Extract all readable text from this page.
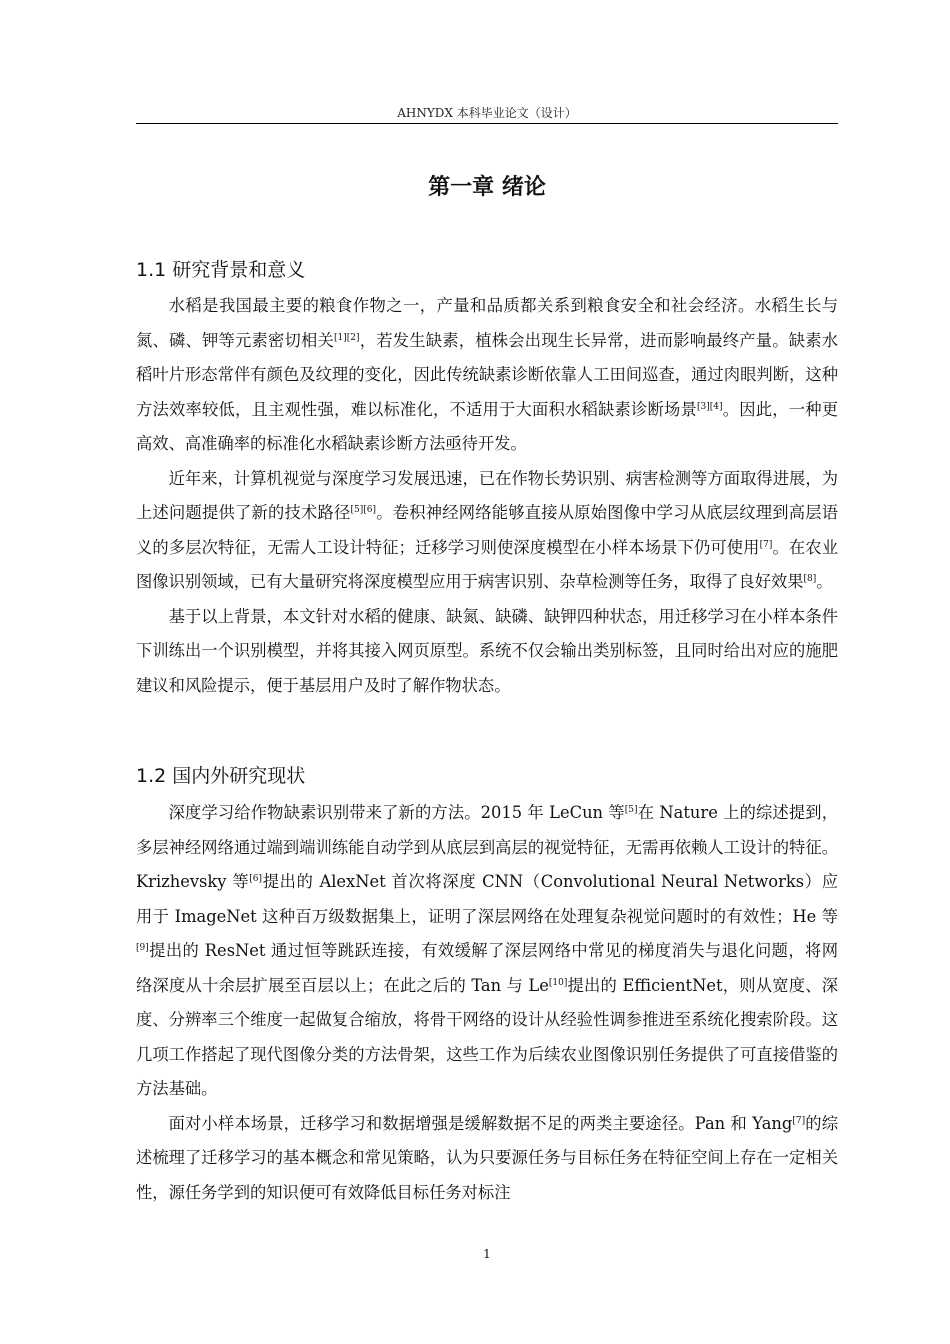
AHNYDX 本科毕业论文（设计）
第一章 绪论
1.1 研究背景和意义

水稻是我国最主要的粮食作物之一，产量和品质都关系到粮食安全和社会经济。水稻生长与氮、磷、钾等元素密切相关[1][2]，若发生缺素，植株会出现生长异常，进而影响最终产量。缺素水稻叶片形态常伴有颜色及纹理的变化，因此传统缺素诊断依靠人工田间巡查，通过肉眼判断，这种方法效率较低，且主观性强，难以标准化，不适用于大面积水稻缺素诊断场景[3][4]。因此，一种更高效、高准确率的标准化水稻缺素诊断方法亟待开发。

近年来，计算机视觉与深度学习发展迅速，已在作物长势识别、病害检测等方面取得进展，为上述问题提供了新的技术路径[5][6]。卷积神经网络能够直接从原始图像中学习从底层纹理到高层语义的多层次特征，无需人工设计特征；迁移学习则使深度模型在小样本场景下仍可使用[7]。在农业图像识别领域，已有大量研究将深度模型应用于病害识别、杂草检测等任务，取得了良好效果[8]。

基于以上背景，本文针对水稻的健康、缺氮、缺磷、缺钾四种状态，用迁移学习在小样本条件下训练出一个识别模型，并将其接入网页原型。系统不仅会输出类别标签，且同时给出对应的施肥建议和风险提示，便于基层用户及时了解作物状态。

1.2 国内外研究现状

深度学习给作物缺素识别带来了新的方法。2015 年 LeCun 等[5]在 Nature 上的综述提到，多层神经网络通过端到端训练能自动学到从底层到高层的视觉特征，无需再依赖人工设计的特征。Krizhevsky 等[6]提出的 AlexNet 首次将深度 CNN（Convolutional Neural Networks）应用于 ImageNet 这种百万级数据集上，证明了深层网络在处理复杂视觉问题时的有效性；He 等[9]提出的 ResNet 通过恒等跳跃连接，有效缓解了深层网络中常见的梯度消失与退化问题，将网络深度从十余层扩展至百层以上；在此之后的 Tan 与 Le[10]提出的 EfficientNet，则从宽度、深度、分辨率三个维度一起做复合缩放，将骨干网络的设计从经验性调参推进至系统化搜索阶段。这几项工作搭起了现代图像分类的方法骨架，这些工作为后续农业图像识别任务提供了可直接借鉴的方法基础。

面对小样本场景，迁移学习和数据增强是缓解数据不足的两类主要途径。Pan 和 Yang[7]的综述梳理了迁移学习的基本概念和常见策略，认为只要源任务与目标任务在特征空间上存在一定相关性，源任务学到的知识便可有效降低目标任务对标注

1
